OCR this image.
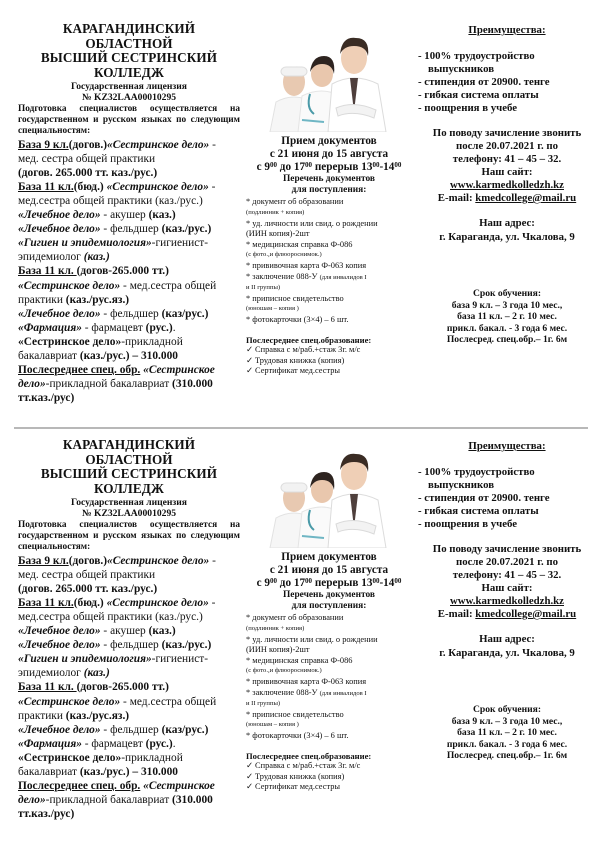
КАРАГАНДИНСКИЙ ОБЛАСТНОЙ
ВЫСШИЙ СЕСТРИНСКИЙ
КОЛЛЕДЖ
Государственная лицензия
№ KZ32LAA00010295
Подготовка специалистов осуществляется на государственном и русском языках по следующим специальностям:
База 9 кл.(догов.)«Сестринское дело» -
мед. сестра общей практики
(догов. 265.000 тт. каз./рус.)
База 11 кл.(бюд.) «Сестринское дело» -
мед.сестра общей практики (каз./рус.)
«Лечебное дело» - акушер (каз.)
«Лечебное дело» - фельдшер (каз./рус.)
«Гигиен и эпидемиология»-гигиенист-
эпидемиолог (каз.)
База 11 кл. (догов-265.000 тт.)
«Сестринское дело» - мед.сестра общей
практики (каз./рус.яз.)
«Лечебное дело» - фельдшер (каз/рус.)
«Фармация» - фармацевт (рус.).
«Сестринское дело»-прикладной
бакалавриат (каз./рус.) – 310.000
Послесреднее спец. обр. «Сестринское
дело»-прикладной бакалавриат (310.000
тт.каз./рус)
Прием документов
с 21 июня до 15 августа
с $9^{00}$ до $17^{00}$ перерыв $13^{00}-14^{00}$
Перечень документов
для поступления:
* документ об образовании
(подлинник + копия)
* уд. личности или свид. о рождении
(ИИН копия)-2шт
* медицинская справка Ф-086
(с фото.,и флюороснимок.)
* прививочная карта Ф-063 копия
* заключение 088-У (для инвалидов I
и II группы)
* приписное свидетельство
(юношам – копия )
* фотокарточки (3×4) – 6 шт.
Послесреднее спец.образование:
✓ Справка с м/раб.+стаж 3г. м/с
✓ Трудовая книжка (копия)
✓ Сертификат мед.сестры
Преимущества:
- 100% трудоустройство
выпускников
- стипендия от 20900. тенге
- гибкая система оплаты
- поощрения в учебе
По поводу зачисление звонить
после 20.07.2021 г. по
телефону: 41 – 45 – 32.
Наш сайт:
www.karmedkolledzh.kz
E-mail: kmedcollege@mail.ru
Наш адрес:
г. Караганда, ул. Чкалова, 9
Срок обучения:
база 9 кл. – 3 года 10 мес.,
база 11 кл. – 2 г. 10 мес.
прикл. бакал. - 3 года 6 мес.
Послесред. спец.обр.– 1г. 6м
КАРАГАНДИНСКИЙ ОБЛАСТНОЙ
ВЫСШИЙ СЕСТРИНСКИЙ
КОЛЛЕДЖ
Государственная лицензия
№ KZ32LAA00010295
Подготовка специалистов осуществляется на государственном и русском языках по следующим специальностям:
База 9 кл.(догов.)«Сестринское дело» -
мед. сестра общей практики
(догов. 265.000 тт. каз./рус.)
База 11 кл.(бюд.) «Сестринское дело» -
мед.сестра общей практики (каз./рус.)
«Лечебное дело» - акушер (каз.)
«Лечебное дело» - фельдшер (каз./рус.)
«Гигиен и эпидемиология»-гигиенист-
эпидемиолог (каз.)
База 11 кл. (догов-265.000 тт.)
«Сестринское дело» - мед.сестра общей
практики (каз./рус.яз.)
«Лечебное дело» - фельдшер (каз/рус.)
«Фармация» - фармацевт (рус.).
«Сестринское дело»-прикладной
бакалавриат (каз./рус.) – 310.000
Послесреднее спец. обр. «Сестринское
дело»-прикладной бакалавриат (310.000
тт.каз./рус)
Прием документов
с 21 июня до 15 августа
с $9^{00}$ до $17^{00}$ перерыв $13^{00}-14^{00}$
Перечень документов
для поступления:
* документ об образовании
(подлинник + копия)
* уд. личности или свид. о рождении
(ИИН копия)-2шт
* медицинская справка Ф-086
(с фото.,и флюороснимок.)
* прививочная карта Ф-063 копия
* заключение 088-У (для инвалидов I
и II группы)
* приписное свидетельство
(юношам – копия )
* фотокарточки (3×4) – 6 шт.
Послесреднее спец.образование:
✓ Справка с м/раб.+стаж 3г. м/с
✓ Трудовая книжка (копия)
✓ Сертификат мед.сестры
Преимущества:
- 100% трудоустройство
выпускников
- стипендия от 20900. тенге
- гибкая система оплаты
- поощрения в учебе
По поводу зачисление звонить
после 20.07.2021 г. по
телефону: 41 – 45 – 32.
Наш сайт:
www.karmedkolledzh.kz
E-mail: kmedcollege@mail.ru
Наш адрес:
г. Караганда, ул. Чкалова, 9
Срок обучения:
база 9 кл. – 3 года 10 мес.,
база 11 кл. – 2 г. 10 мес.
прикл. бакал. - 3 года 6 мес.
Послесред. спец.обр.– 1г. 6м
